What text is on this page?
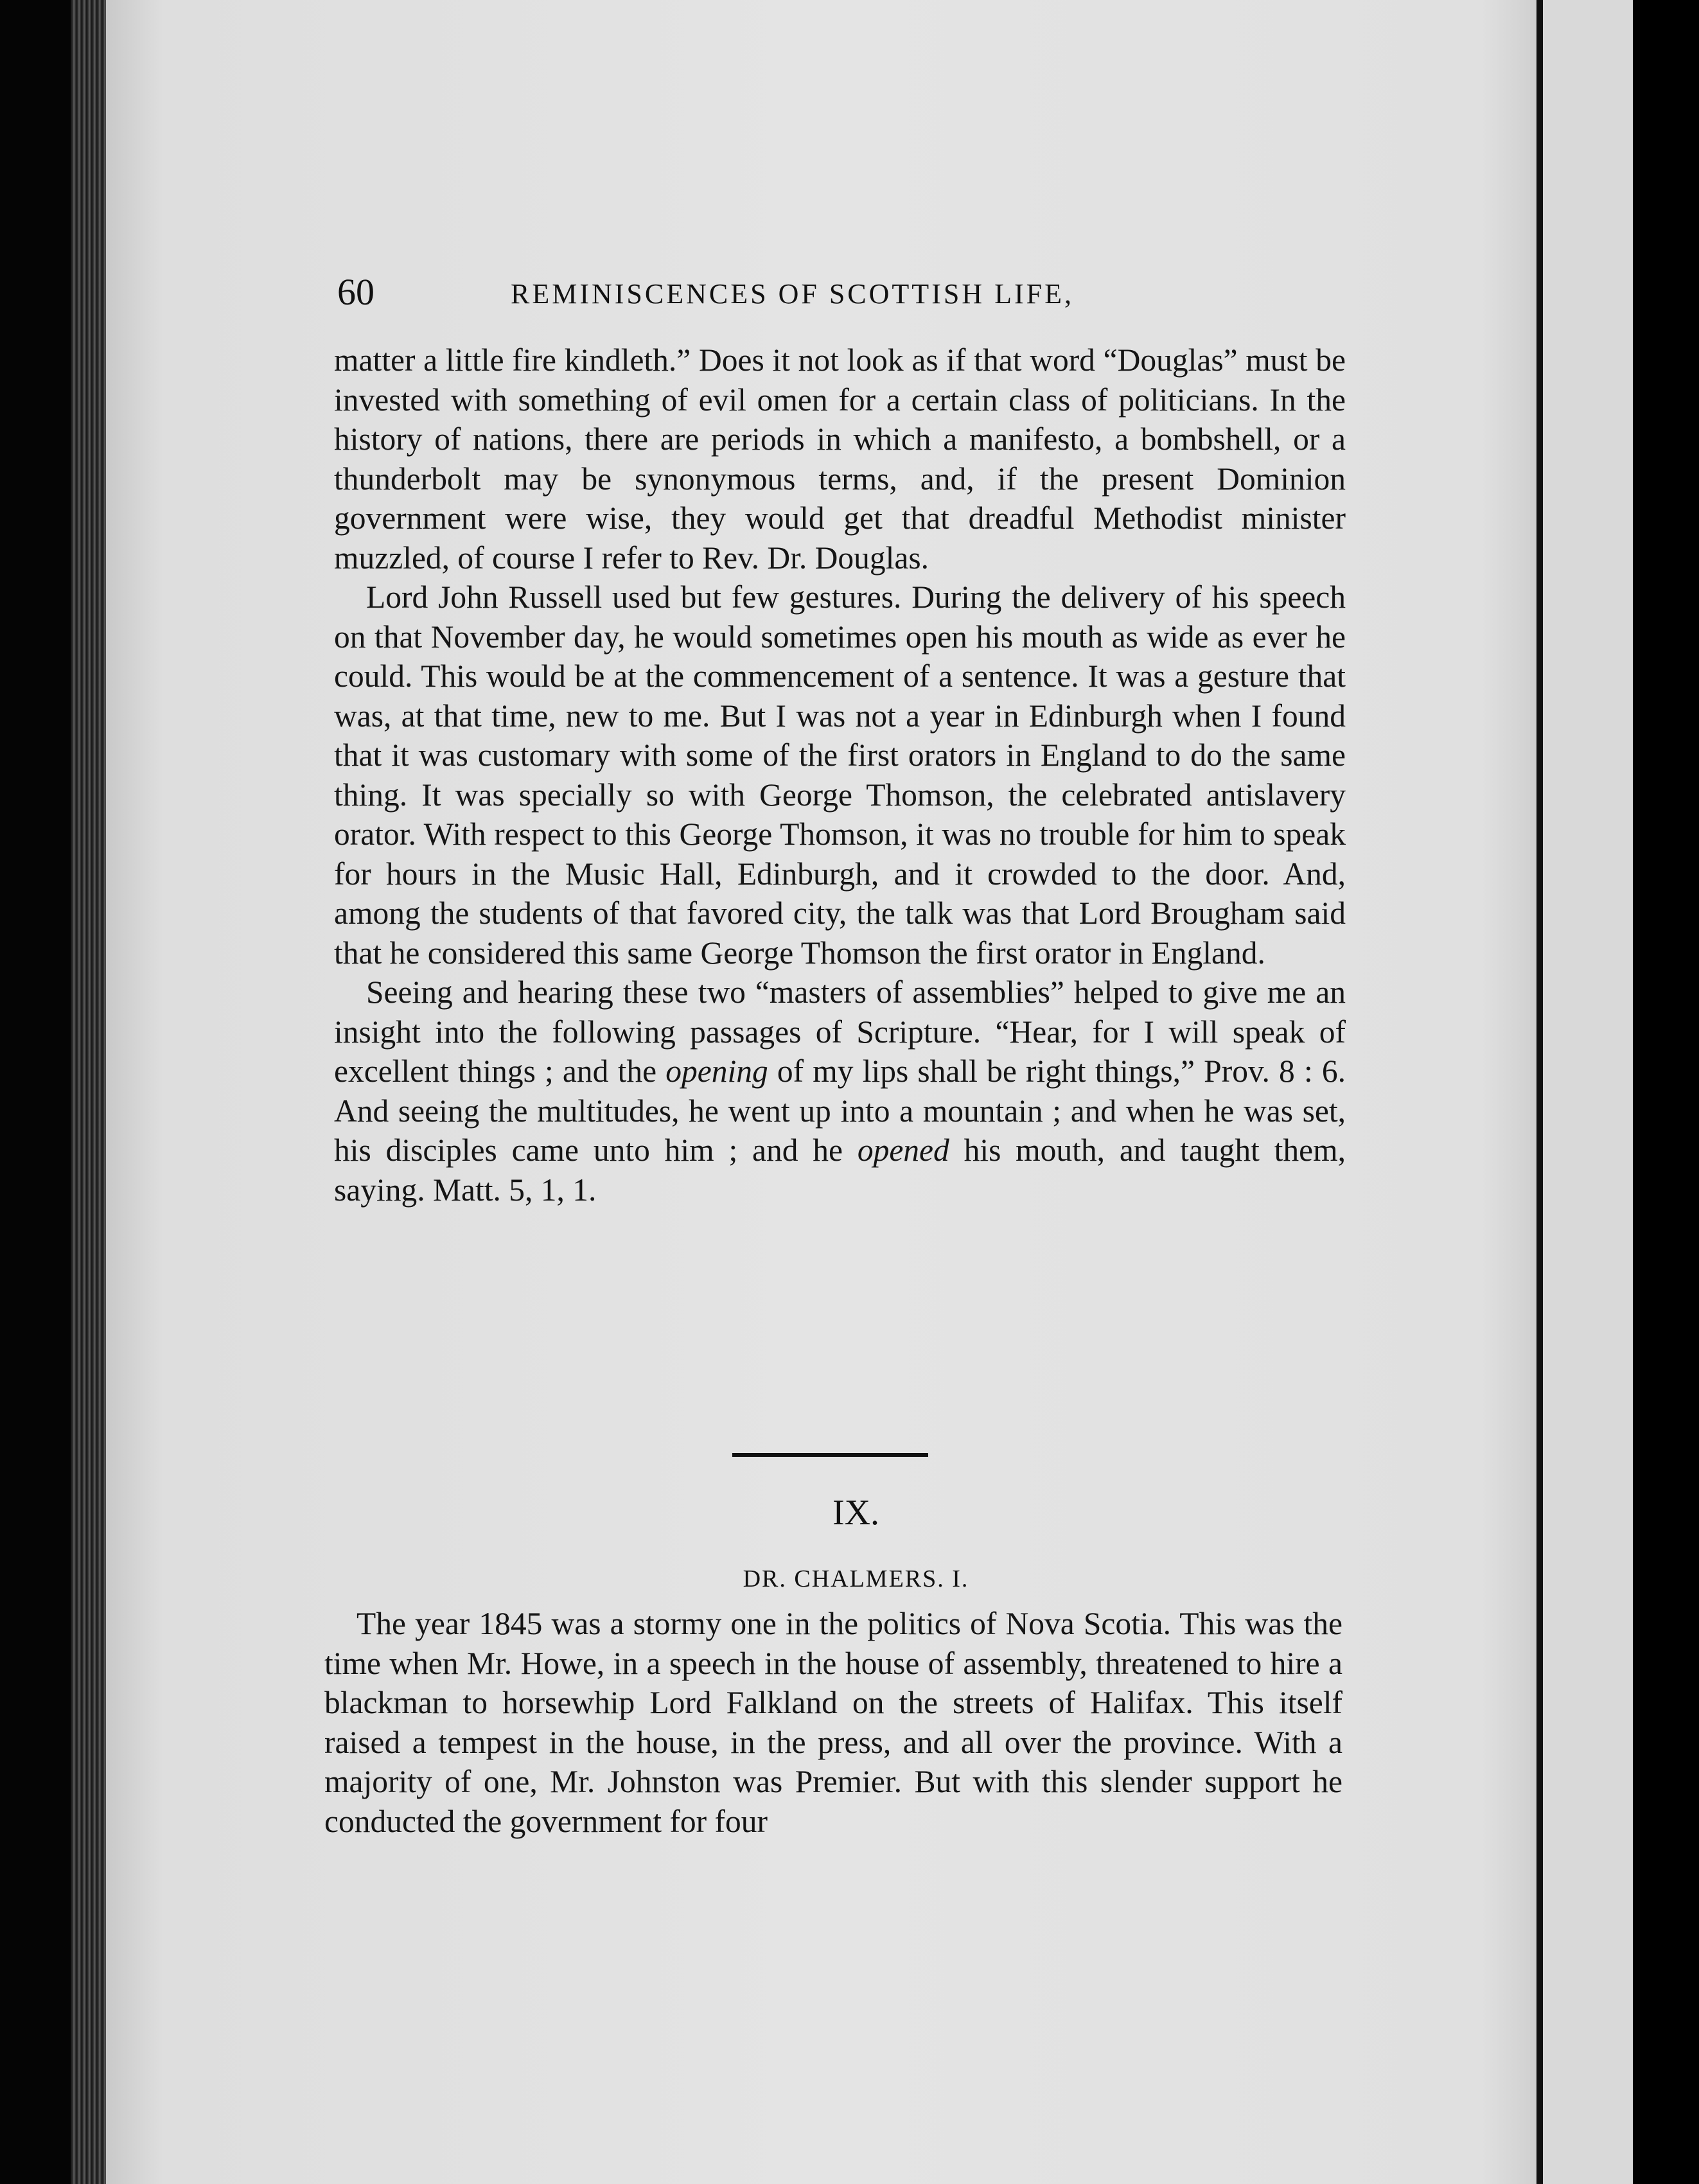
60	REMINISCENCES OF SCOTTISH LIFE,

matter a little fire kindleth.” Does it not look as if that word “Douglas” must be invested with something of evil omen for a certain class of politicians. In the history of nations, there are periods in which a manifesto, a bombshell, or a thunderbolt may be synonymous terms, and, if the present Dominion government were wise, they would get that dreadful Methodist minister muzzled, of course I refer to Rev. Dr. Douglas.

Lord John Russell used but few gestures. During the delivery of his speech on that November day, he would sometimes open his mouth as wide as ever he could. This would be at the commencement of a sentence. It was a gesture that was, at that time, new to me. But I was not a year in Edinburgh when I found that it was customary with some of the first orators in England to do the same thing. It was specially so with George Thomson, the celebrated antislavery orator. With respect to this George Thomson, it was no trouble for him to speak for hours in the Music Hall, Edinburgh, and it crowded to the door. And, among the students of that favored city, the talk was that Lord Brougham said that he considered this same George Thomson the first orator in England.

Seeing and hearing these two “masters of assemblies” helped to give me an insight into the following passages of Scripture. “Hear, for I will speak of excellent things ; and the opening of my lips shall be right things,” Prov. 8 : 6. And seeing the multitudes, he went up into a mountain ; and when he was set, his disciples came unto him ; and he opened his mouth, and taught them, saying. Matt. 5, 1, 1.

IX.
DR. CHALMERS. I.

The year 1845 was a stormy one in the politics of Nova Scotia. This was the time when Mr. Howe, in a speech in the house of assembly, threatened to hire a blackman to horsewhip Lord Falkland on the streets of Halifax. This itself raised a tempest in the house, in the press, and all over the province. With a majority of one, Mr. Johnston was Premier. But with this slender support he conducted the government for four
